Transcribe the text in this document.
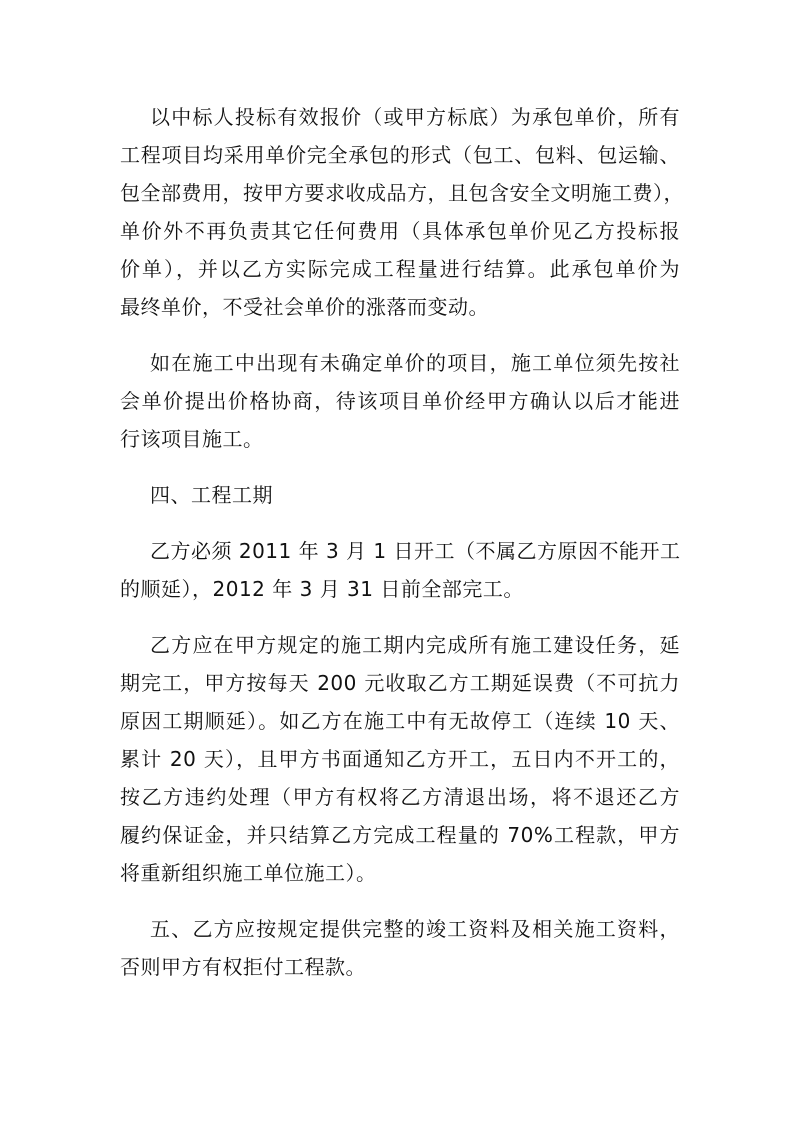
以中标人投标有效报价（或甲方标底）为承包单价，所有
工程项目均采用单价完全承包的形式（包工、包料、包运输、
包全部费用，按甲方要求收成品方，且包含安全文明施工费），
单价外不再负责其它任何费用（具体承包单价见乙方投标报
价单），并以乙方实际完成工程量进行结算。此承包单价为
最终单价，不受社会单价的涨落而变动。

如在施工中出现有未确定单价的项目，施工单位须先按社
会单价提出价格协商，待该项目单价经甲方确认以后才能进
行该项目施工。

四、工程工期

乙方必须 2011 年 3 月 1 日开工（不属乙方原因不能开工
的顺延），2012 年 3 月 31 日前全部完工。

乙方应在甲方规定的施工期内完成所有施工建设任务，延
期完工，甲方按每天 200 元收取乙方工期延误费（不可抗力
原因工期顺延）。如乙方在施工中有无故停工（连续 10 天、
累计 20 天），且甲方书面通知乙方开工，五日内不开工的，
按乙方违约处理（甲方有权将乙方清退出场，将不退还乙方
履约保证金，并只结算乙方完成工程量的 70%工程款，甲方
将重新组织施工单位施工）。

五、乙方应按规定提供完整的竣工资料及相关施工资料，
否则甲方有权拒付工程款。
